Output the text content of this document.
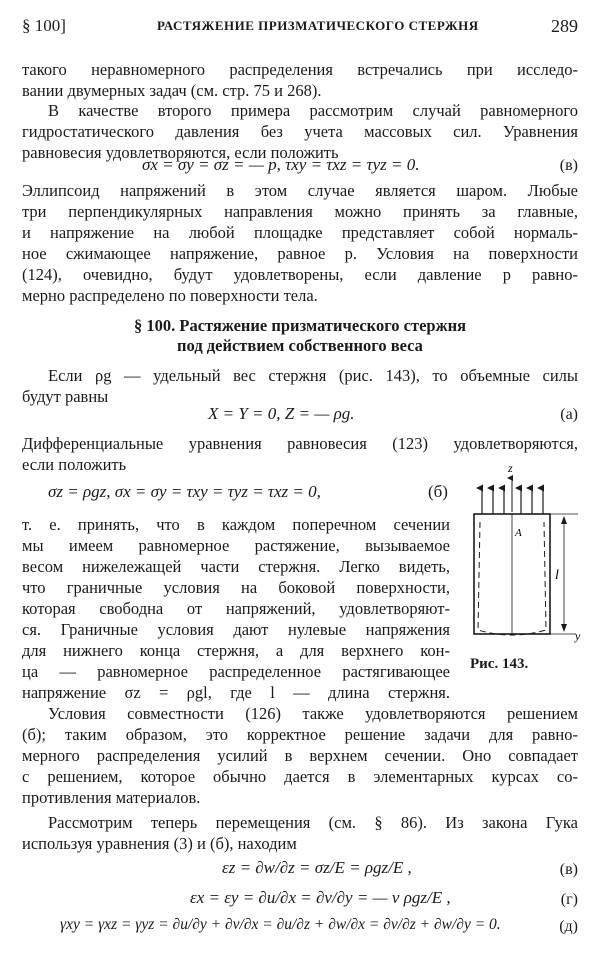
§ 100]	РАСТЯЖЕНИЕ ПРИЗМАТИЧЕСКОГО СТЕРЖНЯ	289
такого неравномерного распределения встречались при исследо-
вании двумерных задач (см. стр. 75 и 268).
В качестве второго примера рассмотрим случай равномерного
гидростатического давления без учета массовых сил. Уравнения
равновесия удовлетворяются, если положить
σx = σy = σz = — p, τxy = τxz = τyz = 0.	(в)
Эллипсоид напряжений в этом случае является шаром. Любые
три перпендикулярных направления можно принять за главные,
и напряжение на любой площадке представляет собой нормаль-
ное сжимающее напряжение, равное p. Условия на поверхности
(124), очевидно, будут удовлетворены, если давление p равно-
мерно распределено по поверхности тела.
§ 100. Растяжение призматического стержня
под действием собственного веса
Если ρg — удельный вес стержня (рис. 143), то объемные силы
будут равны
X = Y = 0, Z = — ρg.	(а)
Дифференциальные уравнения равновесия (123) удовлетворяются,
если положить
σz = ρgz, σx = σy = τxy = τyz = τxz = 0,	(б)
т. е. принять, что в каждом поперечном сечении
мы имеем равномерное растяжение, вызываемое
весом нижележащей части стержня. Легко видеть,
что граничные условия на боковой поверхности,
которая свободна от напряжений, удовлетворяют-
ся. Граничные условия дают нулевые напряжения
для нижнего конца стержня, а для верхнего кон-
ца — равномерное распределенное растягивающее
напряжение σz = ρgl, где l — длина стержня.
z
A
l
y
Рис. 143.
Условия совместности (126) также удовлетворяются решением
(б); таким образом, это корректное решение задачи для равно-
мерного распределения усилий в верхнем сечении. Оно совпадает
с решением, которое обычно дается в элементарных курсах со-
противления материалов.
Рассмотрим теперь перемещения (см. § 86). Из закона Гука
используя уравнения (3) и (б), находим
εz = ∂w/∂z = σz/E = ρgz/E ,	(в)
εx = εy = ∂u/∂x = ∂v/∂y = — ν ρgz/E ,	(г)
γxy = γxz = γyz = ∂u/∂y + ∂v/∂x = ∂u/∂z + ∂w/∂x = ∂v/∂z + ∂w/∂y = 0.	(д)
